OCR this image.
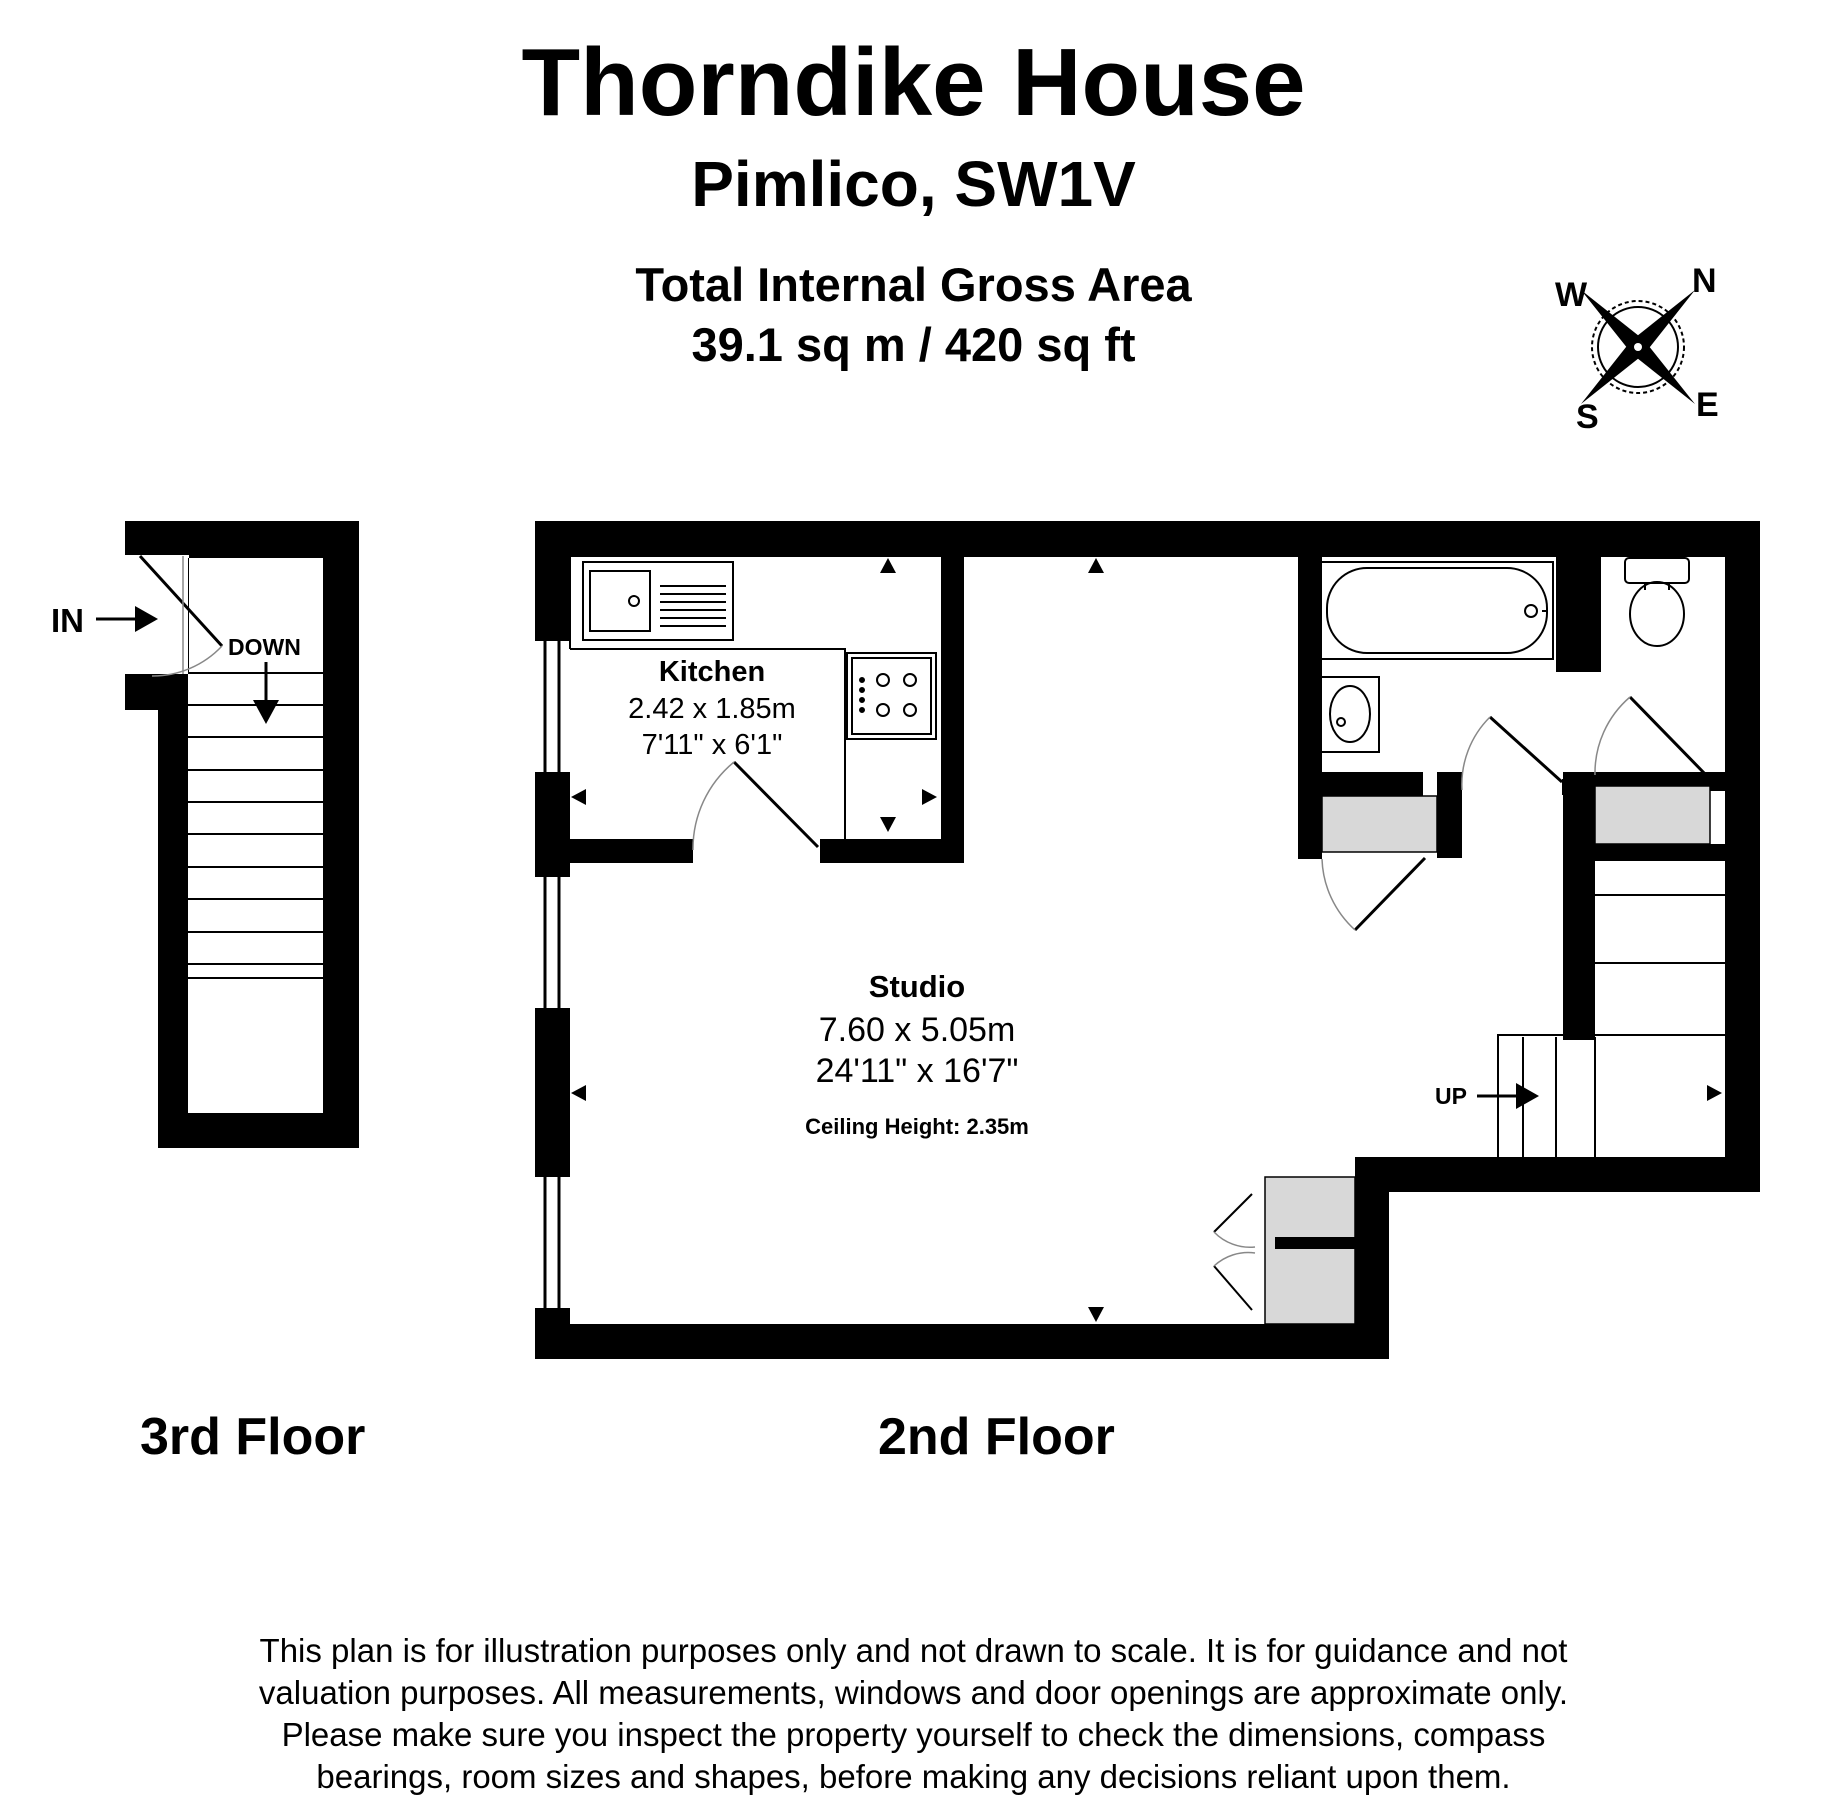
Thorndike House
Pimlico, SW1V
Total Internal Gross Area
39.1 sq m / 420 sq ft
N
E
S
W
DOWN
IN
UP
Kitchen
2.42 x 1.85m
7'11" x 6'1"
Studio
7.60 x 5.05m
24'11" x 16'7"
Ceiling Height: 2.35m
3rd Floor	2nd Floor
This plan is for illustration purposes only and not drawn to scale. It is for guidance and not
valuation purposes. All measurements, windows and door openings are approximate only.
Please make sure you inspect the property yourself to check the dimensions, compass
bearings, room sizes and shapes, before making any decisions reliant upon them.
